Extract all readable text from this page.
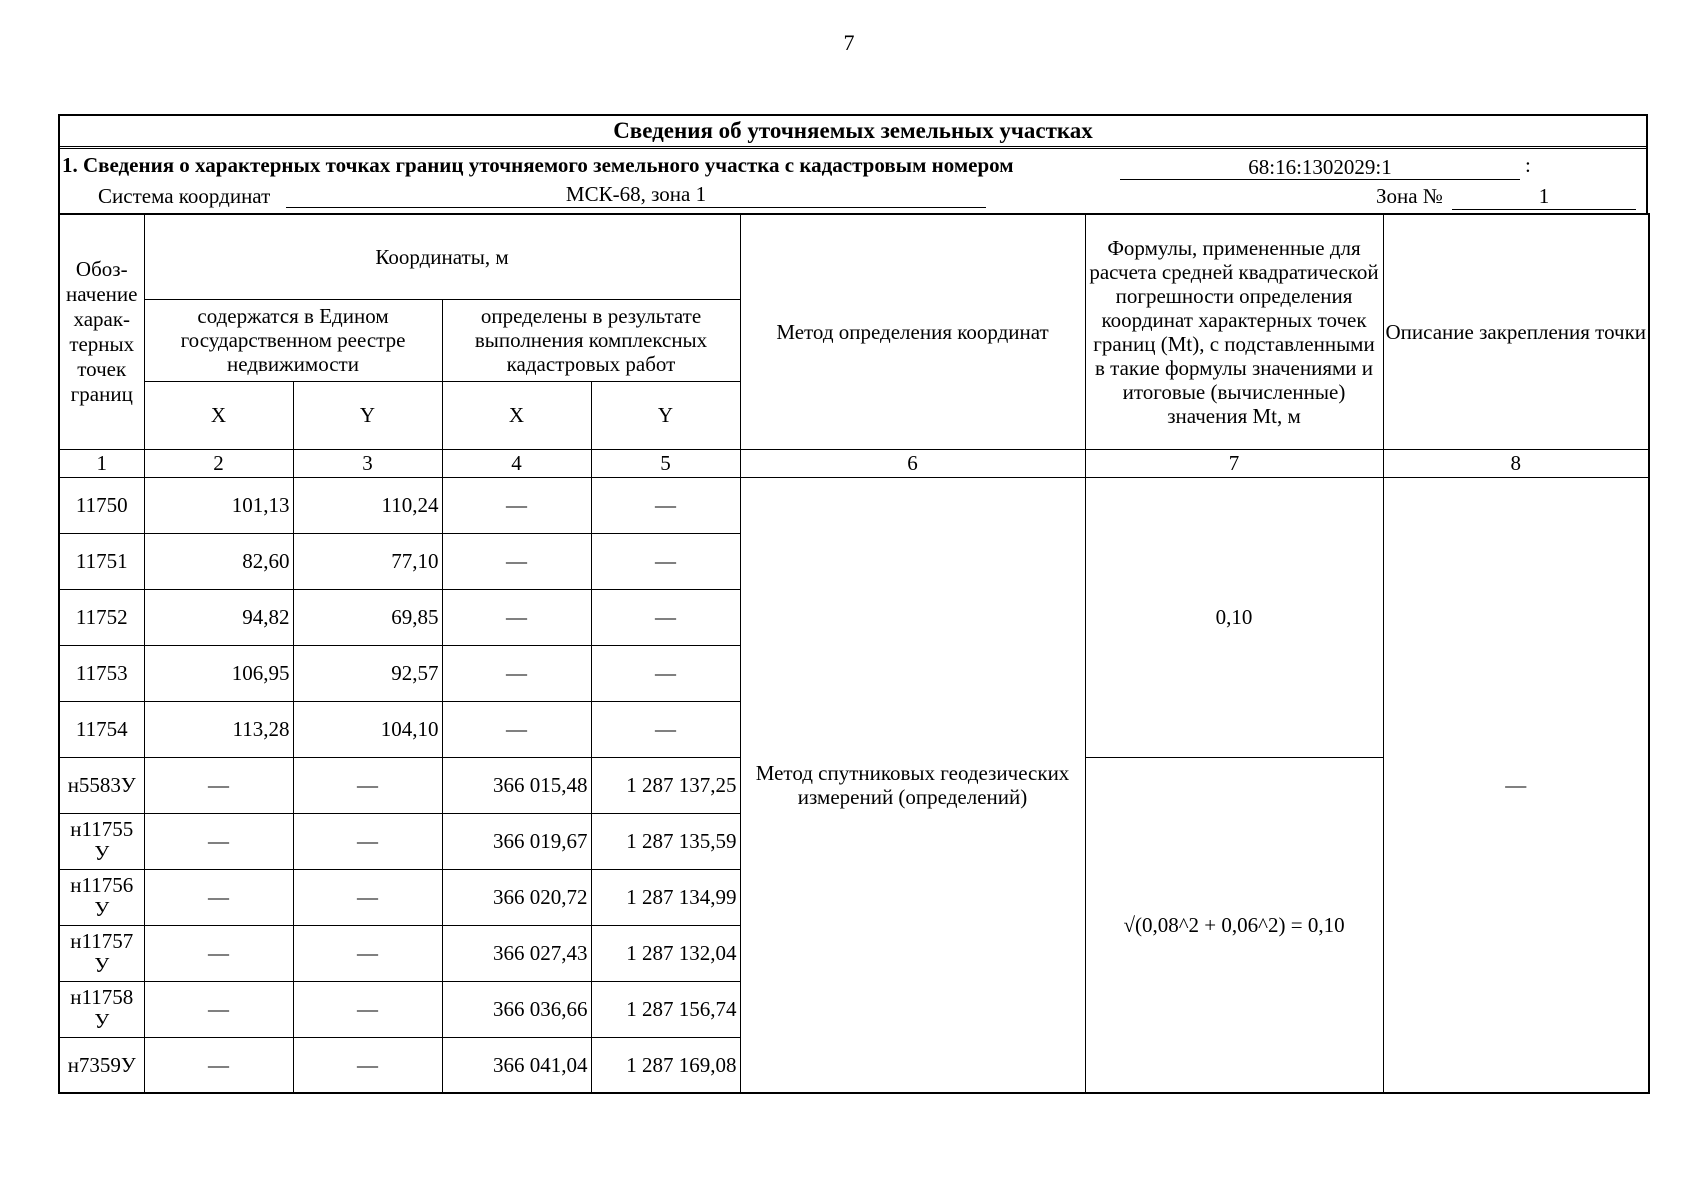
7
Сведения об уточняемых земельных участках
1. Сведения о характерных точках границ уточняемого земельного участка с кадастровым номером	68:16:1302029:1	:
Система координат	МСК-68, зона 1	Зона №	1
Обоз-начение харак-терных точек границ	Координаты, м				Метод определения координат	Формулы, примененные для расчета средней квадратической погрешности определения координат характерных точек границ (Mt), с подставленными в такие формулы значениями и итоговые (вычисленные) значения Mt, м	Описание закрепления точки
	содержатся в Едином государственном реестре недвижимости		определены в результате выполнения комплексных кадастровых работ				
	X	Y	X	Y			
1	2	3	4	5	6	7	8
11750	101,13	110,24	—	—	Метод спутниковых геодезических измерений (определений)	0,10	—
11751	82,60	77,10	—	—			
11752	94,82	69,85	—	—			
11753	106,95	92,57	—	—			
11754	113,28	104,10	—	—			
н5583У	—	—	366 015,48	1 287 137,25		√(0,08^2 + 0,06^2) = 0,10	
н11755 У	—	—	366 019,67	1 287 135,59			
н11756 У	—	—	366 020,72	1 287 134,99			
н11757 У	—	—	366 027,43	1 287 132,04			
н11758 У	—	—	366 036,66	1 287 156,74			
н7359У	—	—	366 041,04	1 287 169,08			
